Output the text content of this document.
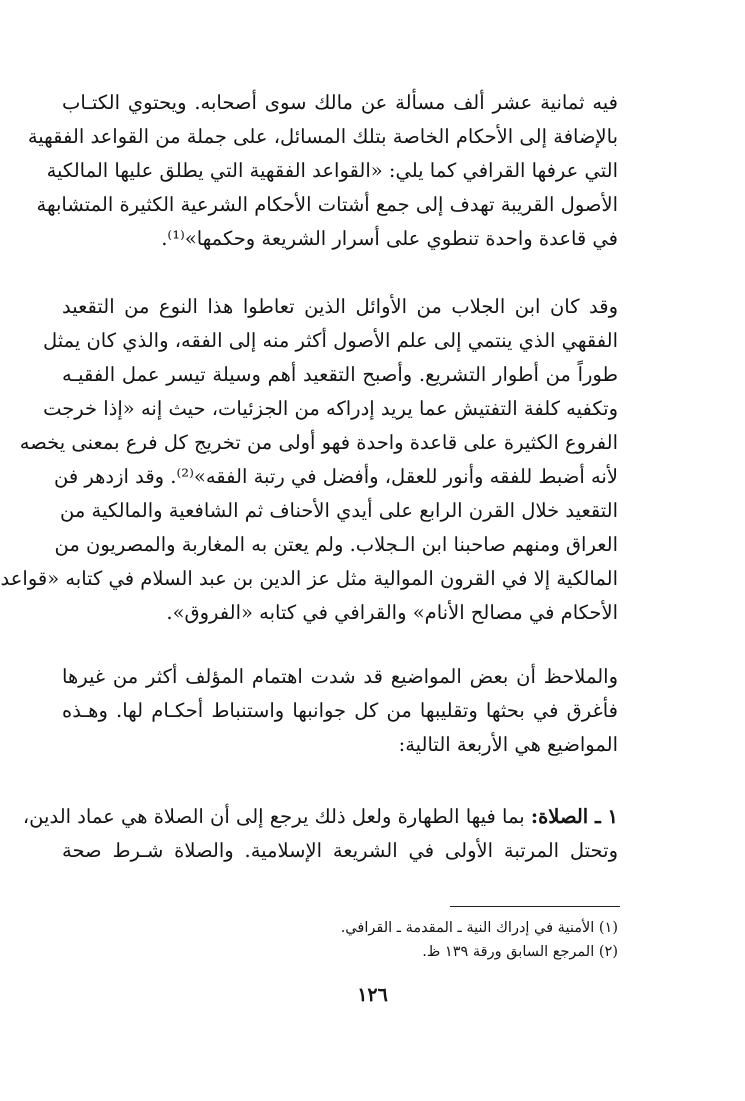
فيه ثمانية عشر ألف مسألة عن مالك سوى أصحابه. ويحتوي الكتـاب
بالإضافة إلى الأحكام الخاصة بتلك المسائل، على جملة من القواعد الفقهية
التي عرفها القرافي كما يلي: «القواعد الفقهية التي يطلق عليها المالكية
الأصول القريبة تهدف إلى جمع أشتات الأحكام الشرعية الكثيرة المتشابهة
في قاعدة واحدة تنطوي على أسرار الشريعة وحكمها»⁽¹⁾.
وقد كان ابن الجلاب من الأوائل الذين تعاطوا هذا النوع من التقعيد
الفقهي الذي ينتمي إلى علم الأصول أكثر منه إلى الفقه، والذي كان يمثل
طوراً من أطوار التشريع. وأصبح التقعيد أهم وسيلة تيسر عمل الفقيـه
وتكفيه كلفة التفتيش عما يريد إدراكه من الجزئيات، حيث إنه «إذا خرجت
الفروع الكثيرة على قاعدة واحدة فهو أولى من تخريج كل فرع بمعنى يخصه
لأنه أضبط للفقه وأنور للعقل، وأفضل في رتبة الفقه»⁽²⁾. وقد ازدهر فن
التقعيد خلال القرن الرابع على أيدي الأحناف ثم الشافعية والمالكية من
العراق ومنهم صاحبنا ابن الـجلاب. ولم يعتن به المغاربة والمصريون من
المالكية إلا في القرون الموالية مثل عز الدين بن عبد السلام في كتابه «قواعد
الأحكام في مصالح الأنام» والقرافي في كتابه «الفروق».
والملاحظ أن بعض المواضيع قد شدت اهتمام المؤلف أكثر من غيرها
فأغرق في بحثها وتقليبها من كل جوانبها واستنباط أحكـام لها. وهـذه
المواضيع هي الأربعة التالية:
١ ـ الصلاة: بما فيها الطهارة ولعل ذلك يرجع إلى أن الصلاة هي عماد الدين،
وتحتل المرتبة الأولى في الشريعة الإسلامية. والصلاة شـرط صحة
(١) الأمنية في إدراك النية ـ المقدمة ـ القرافي.
(٢) المرجع السابق ورقة ١٣٩ ظ.
١٢٦
